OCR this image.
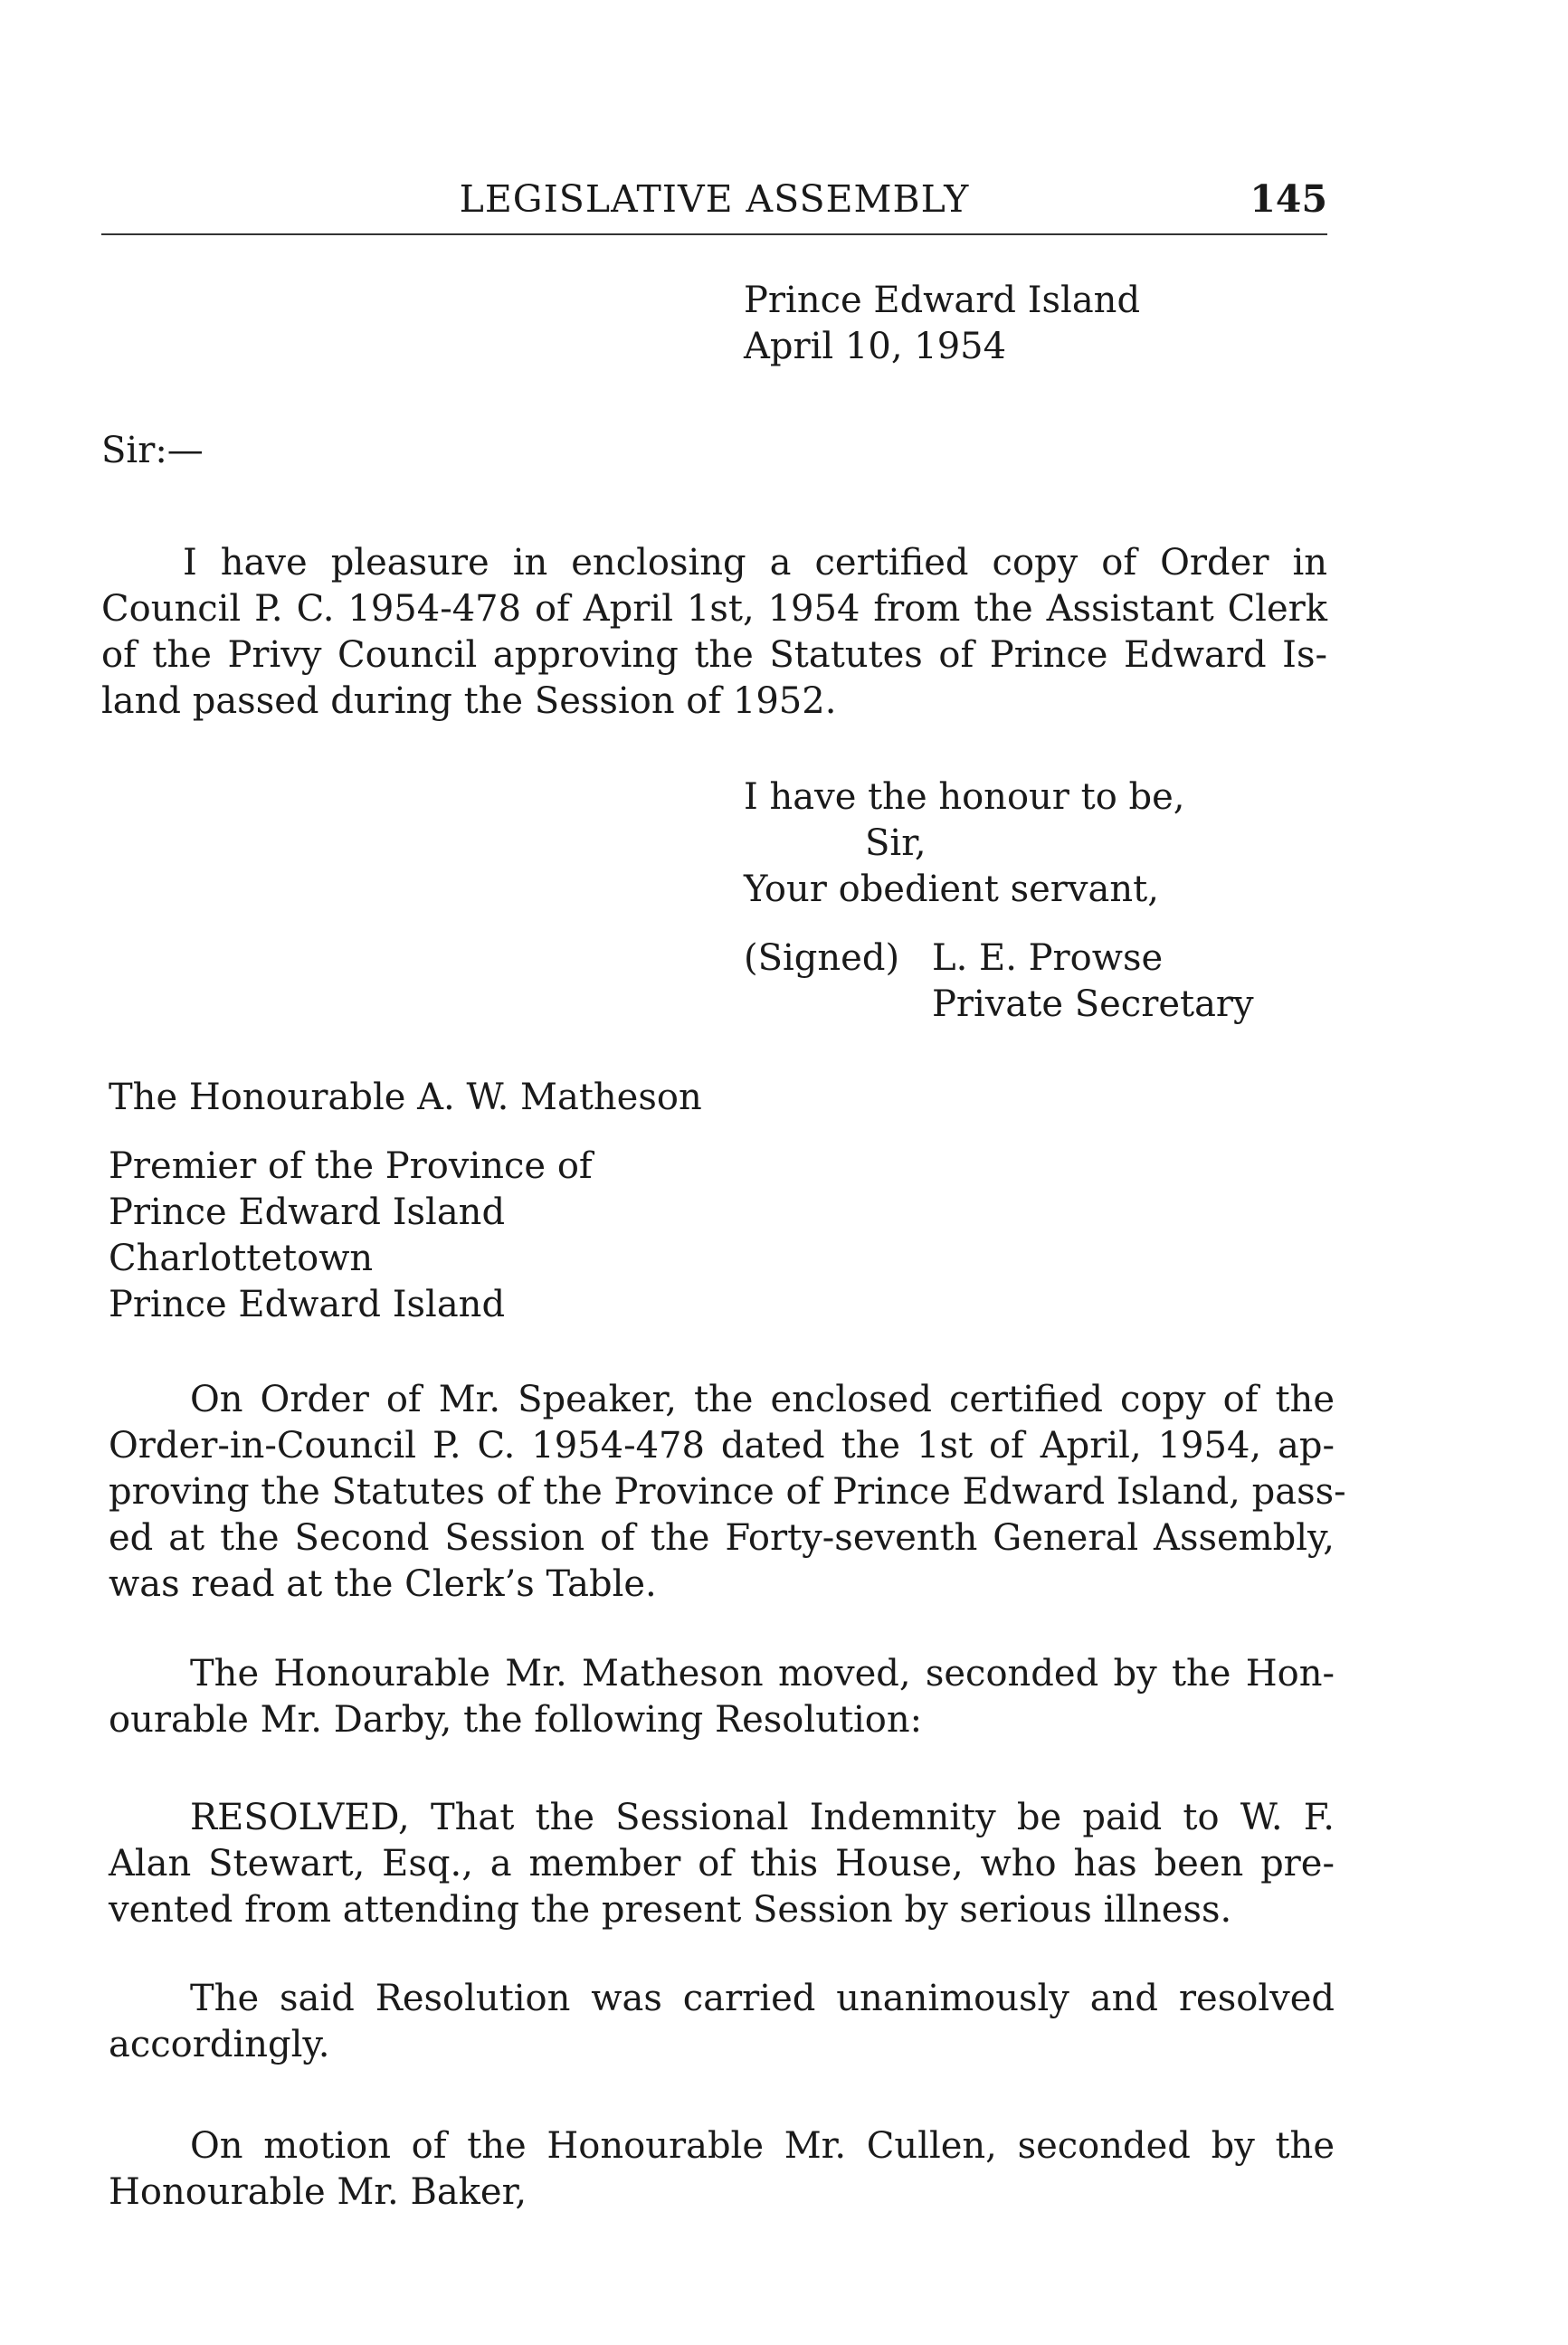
LEGISLATIVE ASSEMBLY	145

Prince Edward Island

April 10, 1954

Sir:—
I have pleasure in enclosing a certified copy of Order in
Council P. C. 1954-478 of April 1st, 1954 from the Assistant Clerk
of the Privy Council approving the Statutes of Prince Edward Is-
land passed during the Session of 1952.
I have the honour to be,
Sir,
Your obedient servant,
(Signed) L. E. Prowse
Private Secretary
The Honourable A. W. Matheson

Premier of the Province of

Prince Edward Island

Charlottetown

Prince Edward Island

On Order of Mr. Speaker, the enclosed certified copy of the
Order-in-Council P. C. 1954-478 dated the 1st of April, 1954, ap-
proving the Statutes of the Province of Prince Edward Island, pass-
ed at the Second Session of the Forty-seventh General Assembly,
was read at the Clerk’s Table.
The Honourable Mr. Matheson moved, seconded by the Hon-
ourable Mr. Darby, the following Resolution:
RESOLVED, That the Sessional Indemnity be paid to W. F.
Alan Stewart, Esq., a member of this House, who has been pre-
vented from attending the present Session by serious illness.
The said Resolution was carried unanimously and resolved
accordingly.
On motion of the Honourable Mr. Cullen, seconded by the
Honourable Mr. Baker,
